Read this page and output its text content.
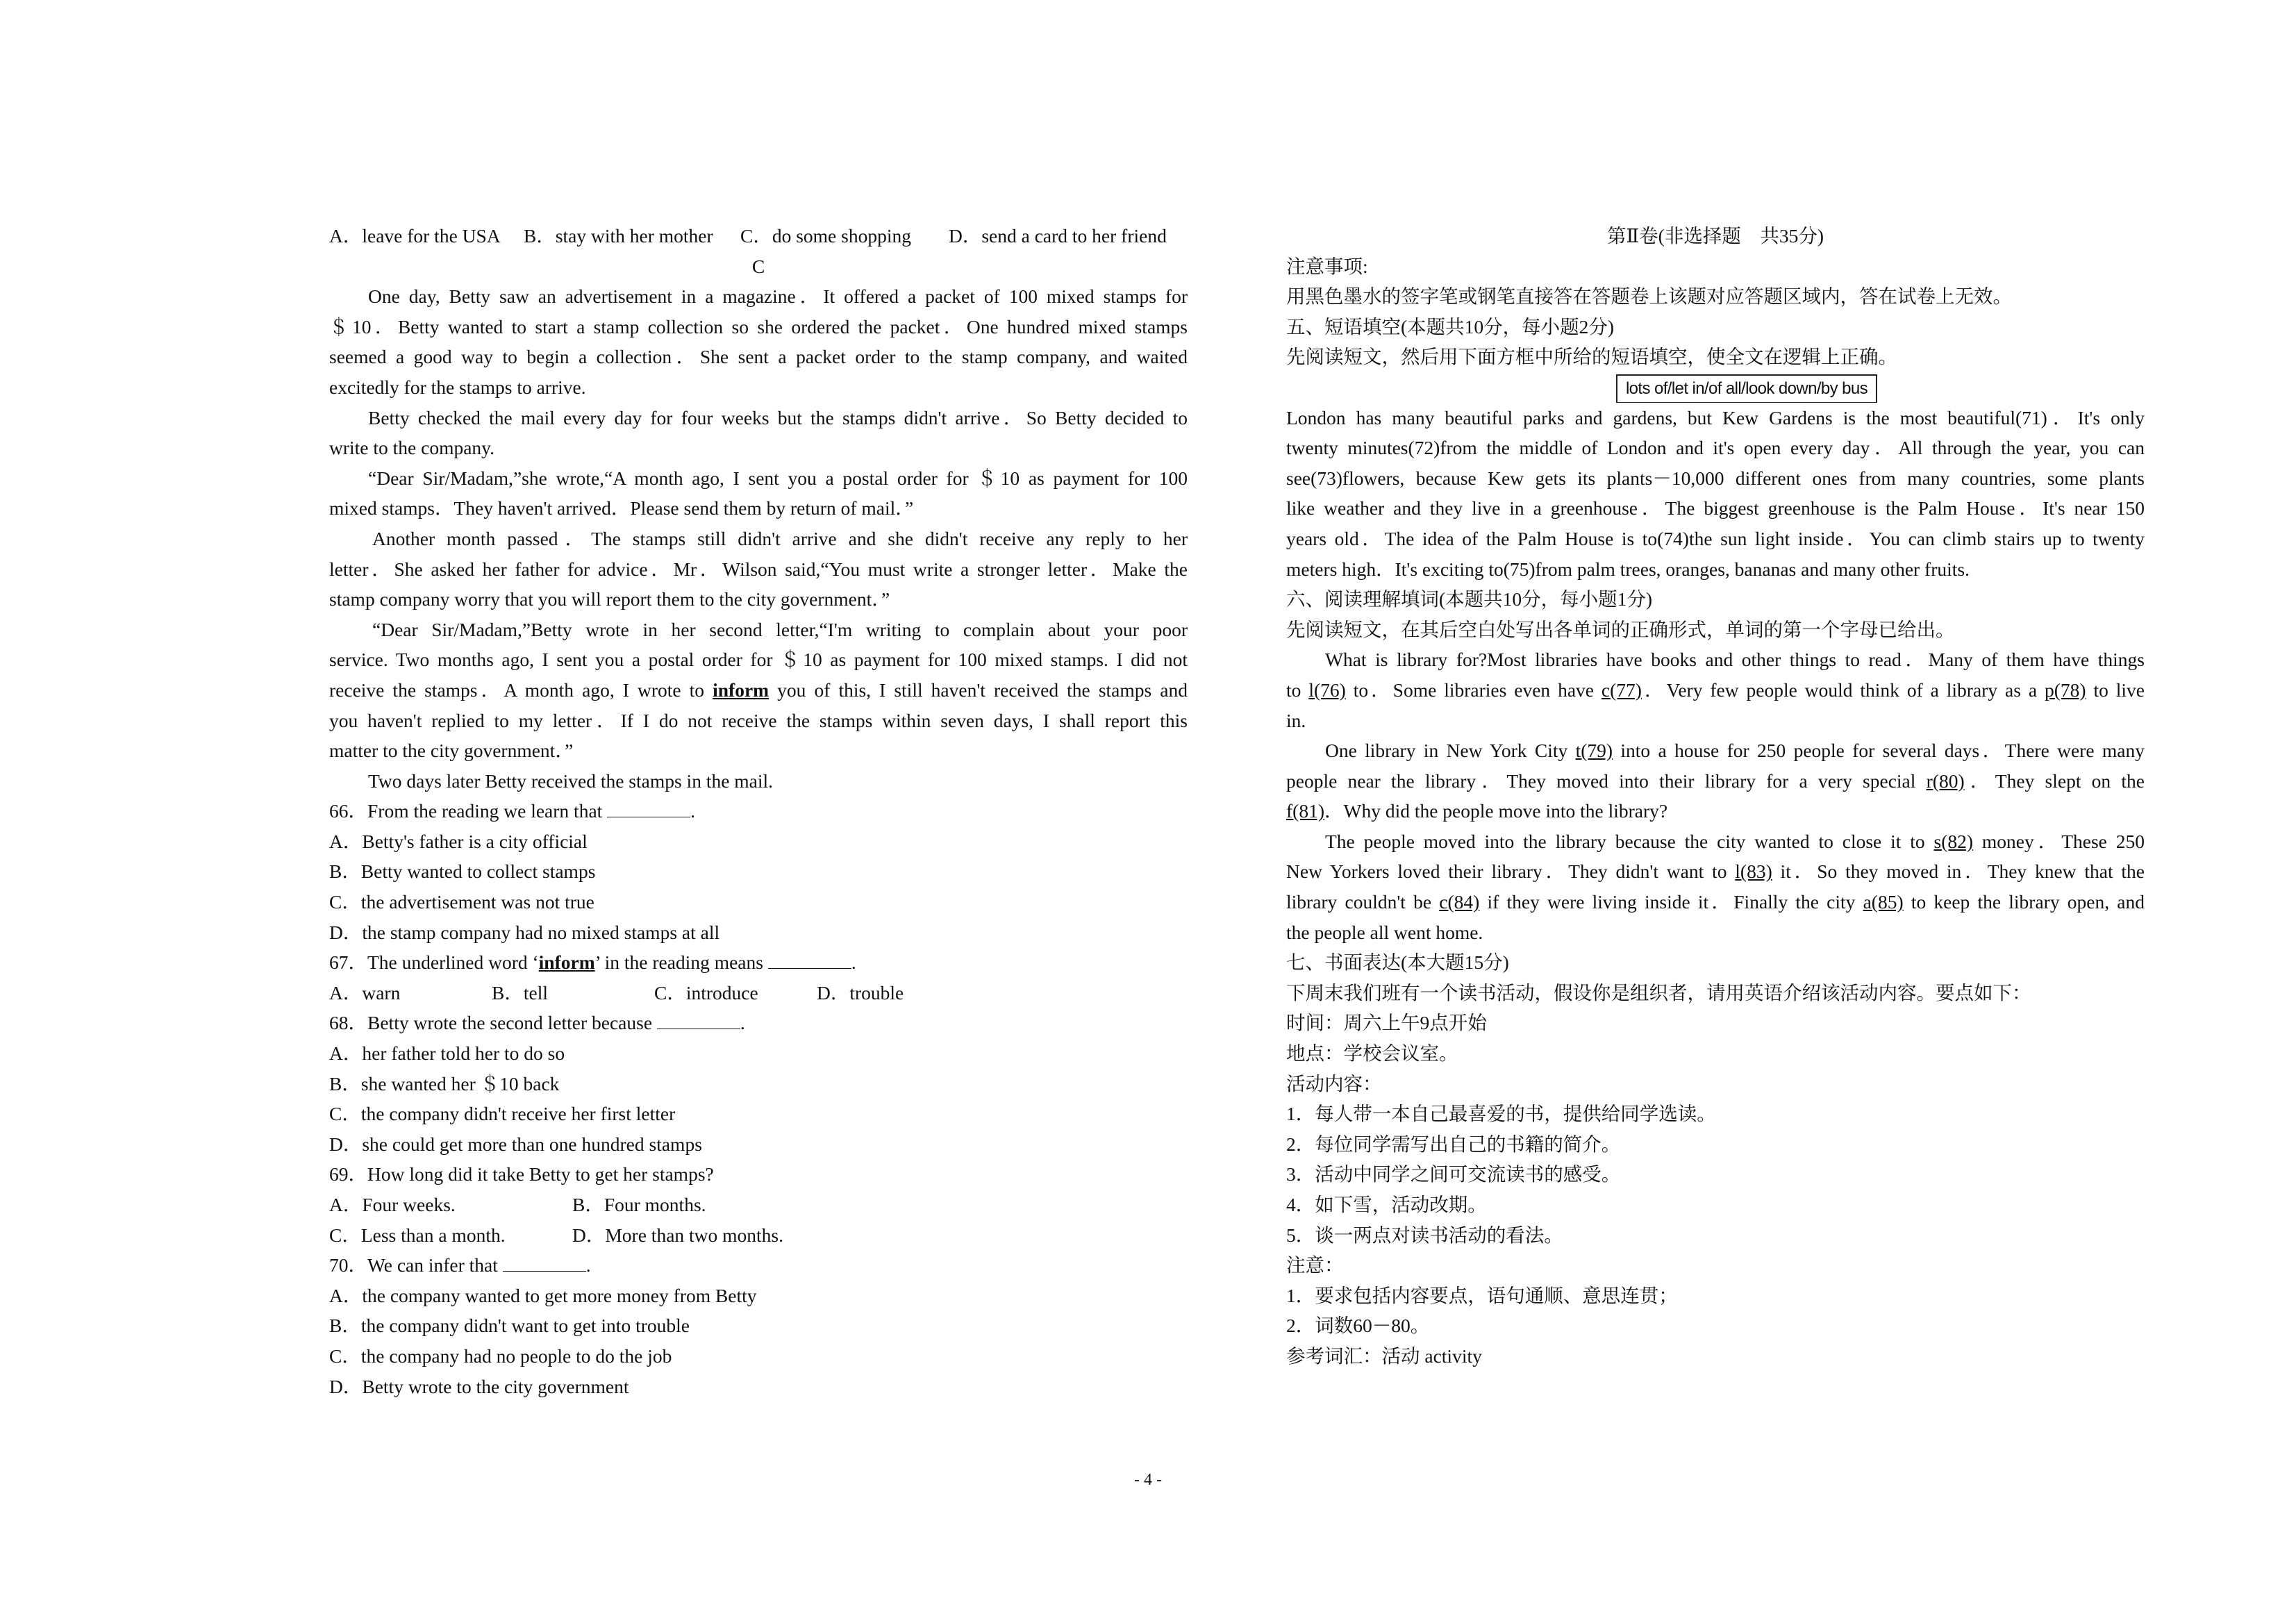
A．leave for the USA B．stay with her mother C．do some shopping D．send a card to her friend
C
One day, Betty saw an advertisement in a magazine．It offered a packet of 100 mixed stamps for
＄10．Betty wanted to start a stamp collection so she ordered the packet．One hundred mixed stamps
seemed a good way to begin a collection．She sent a packet order to the stamp company, and waited
excitedly for the stamps to arrive.
Betty checked the mail every day for four weeks but the stamps didn't arrive．So Betty decided to
write to the company.
“Dear Sir/Madam,”she wrote,“A month ago, I sent you a postal order for ＄10 as payment for 100
mixed stamps．They haven't arrived．Please send them by return of mail．”
Another month passed．The stamps still didn't arrive and she didn't receive any reply to her
letter．She asked her father for advice．Mr．Wilson said,“You must write a stronger letter．Make the
stamp company worry that you will report them to the city government．”
“Dear Sir/Madam,”Betty wrote in her second letter,“I'm writing to complain about your poor
service. Two months ago, I sent you a postal order for ＄10 as payment for 100 mixed stamps. I did not
receive the stamps．A month ago, I wrote to inform you of this, I still haven't received the stamps and
you haven't replied to my letter．If I do not receive the stamps within seven days, I shall report this
matter to the city government．”
Two days later Betty received the stamps in the mail.
66．From the reading we learn that	.
A．Betty's father is a city official
B．Betty wanted to collect stamps
C．the advertisement was not true
D．the stamp company had no mixed stamps at all
67．The underlined word ‘inform’ in the reading means	.
A．warn	B．tell	C．introduce	D．trouble
68．Betty wrote the second letter because	.
A．her father told her to do so
B．she wanted her ＄10 back
C．the company didn't receive her first letter
D．she could get more than one hundred stamps
69．How long did it take Betty to get her stamps?
A．Four weeks.	B．Four months.
C．Less than a month.	D．More than two months.
70．We can infer that	.
A．the company wanted to get more money from Betty
B．the company didn't want to get into trouble
C．the company had no people to do the job
D．Betty wrote to the city government
第Ⅱ卷(非选择题　共35分)
注意事项:
用黑色墨水的签字笔或钢笔直接答在答题卷上该题对应答题区域内，答在试卷上无效。
五、短语填空(本题共10分，每小题2分)
先阅读短文，然后用下面方框中所给的短语填空，使全文在逻辑上正确。
lots of/let in/of all/look down/by bus
London has many beautiful parks and gardens, but Kew Gardens is the most beautiful(71)．It's only
twenty minutes(72)from the middle of London and it's open every day．All through the year, you can
see(73)flowers, because Kew gets its plants－10,000 different ones from many countries, some plants
like weather and they live in a greenhouse．The biggest greenhouse is the Palm House．It's near 150
years old．The idea of the Palm House is to(74)the sun light inside．You can climb stairs up to twenty
meters high．It's exciting to(75)from palm trees, oranges, bananas and many other fruits.
六、阅读理解填词(本题共10分，每小题1分)
先阅读短文，在其后空白处写出各单词的正确形式，单词的第一个字母已给出。
What is library for?Most libraries have books and other things to read．Many of them have things
to l(76) to．Some libraries even have c(77)．Very few people would think of a library as a p(78) to live
in.
One library in New York City t(79) into a house for 250 people for several days．There were many
people near the library．They moved into their library for a very special r(80)．They slept on the
f(81)．Why did the people move into the library?
The people moved into the library because the city wanted to close it to s(82) money．These 250
New Yorkers loved their library．They didn't want to l(83) it．So they moved in．They knew that the
library couldn't be c(84) if they were living inside it．Finally the city a(85) to keep the library open, and
the people all went home.
七、书面表达(本大题15分)
下周末我们班有一个读书活动，假设你是组织者，请用英语介绍该活动内容。要点如下：
时间：周六上午9点开始
地点：学校会议室。
活动内容：
1．每人带一本自己最喜爱的书，提供给同学选读。
2．每位同学需写出自己的书籍的简介。
3．活动中同学之间可交流读书的感受。
4．如下雪，活动改期。
5．谈一两点对读书活动的看法。
注意：
1．要求包括内容要点，语句通顺、意思连贯；
2．词数60－80。
参考词汇：活动 activity
- 4 -
